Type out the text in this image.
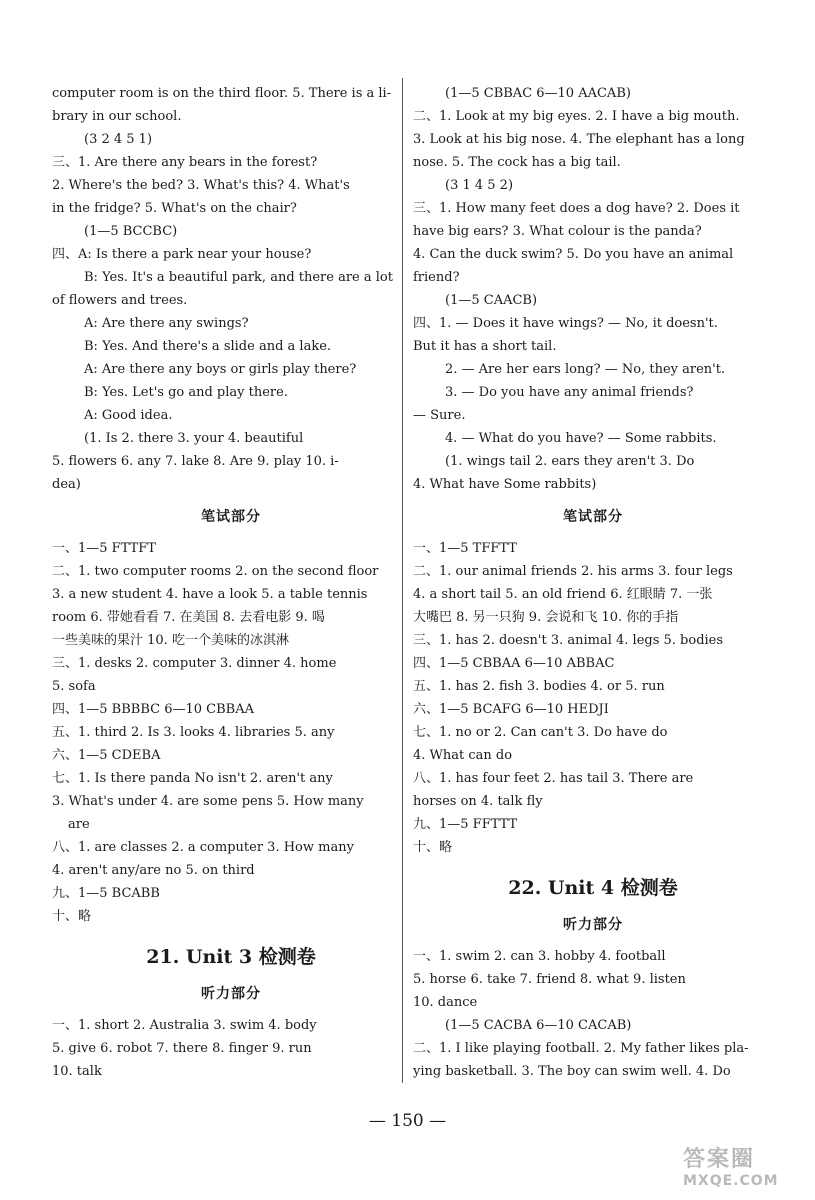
computer room is on the third floor. 5. There is a li-
brary in our school.
(3 2 4 5 1)
三、1. Are there any bears in the forest?
2. Where's the bed? 3. What's this? 4. What's
in the fridge? 5. What's on the chair?
(1—5 BCCBC)
四、A: Is there a park near your house?
B: Yes. It's a beautiful park, and there are a lot
of flowers and trees.
A: Are there any swings?
B: Yes. And there's a slide and a lake.
A: Are there any boys or girls play there?
B: Yes. Let's go and play there.
A: Good idea.
(1. Is 2. there 3. your 4. beautiful
5. flowers 6. any 7. lake 8. Are 9. play 10. i-
dea)
笔试部分
一、1—5 FTTFT
二、1. two computer rooms 2. on the second floor
3. a new student 4. have a look 5. a table tennis
room 6. 带她看看 7. 在美国 8. 去看电影 9. 喝
一些美味的果汁 10. 吃一个美味的冰淇淋
三、1. desks 2. computer 3. dinner 4. home
5. sofa
四、1—5 BBBBC 6—10 CBBAA
五、1. third 2. Is 3. looks 4. libraries 5. any
六、1—5 CDEBA
七、1. Is there panda No isn't 2. aren't any
3. What's under 4. are some pens 5. How many
are
八、1. are classes 2. a computer 3. How many
4. aren't any/are no 5. on third
九、1—5 BCABB
十、略
21. Unit 3 检测卷
听力部分
一、1. short 2. Australia 3. swim 4. body
5. give 6. robot 7. there 8. finger 9. run
10. talk
(1—5 CBBAC 6—10 AACAB)
二、1. Look at my big eyes. 2. I have a big mouth.
3. Look at his big nose. 4. The elephant has a long
nose. 5. The cock has a big tail.
(3 1 4 5 2)
三、1. How many feet does a dog have? 2. Does it
have big ears? 3. What colour is the panda?
4. Can the duck swim? 5. Do you have an animal
friend?
(1—5 CAACB)
四、1. — Does it have wings? — No, it doesn't.
But it has a short tail.
2. — Are her ears long? — No, they aren't.
3. — Do you have any animal friends?
— Sure.
4. — What do you have? — Some rabbits.
(1. wings tail 2. ears they aren't 3. Do
4. What have Some rabbits)
笔试部分
一、1—5 TFFTT
二、1. our animal friends 2. his arms 3. four legs
4. a short tail 5. an old friend 6. 红眼睛 7. 一张
大嘴巴 8. 另一只狗 9. 会说和飞 10. 你的手指
三、1. has 2. doesn't 3. animal 4. legs 5. bodies
四、1—5 CBBAA 6—10 ABBAC
五、1. has 2. fish 3. bodies 4. or 5. run
六、1—5 BCAFG 6—10 HEDJI
七、1. no or 2. Can can't 3. Do have do
4. What can do
八、1. has four feet 2. has tail 3. There are
horses on 4. talk fly
九、1—5 FFTTT
十、略
22. Unit 4 检测卷
听力部分
一、1. swim 2. can 3. hobby 4. football
5. horse 6. take 7. friend 8. what 9. listen
10. dance
(1—5 CACBA 6—10 CACAB)
二、1. I like playing football. 2. My father likes pla-
ying basketball. 3. The boy can swim well. 4. Do
— 150 —
答案圈
MXQE.COM
